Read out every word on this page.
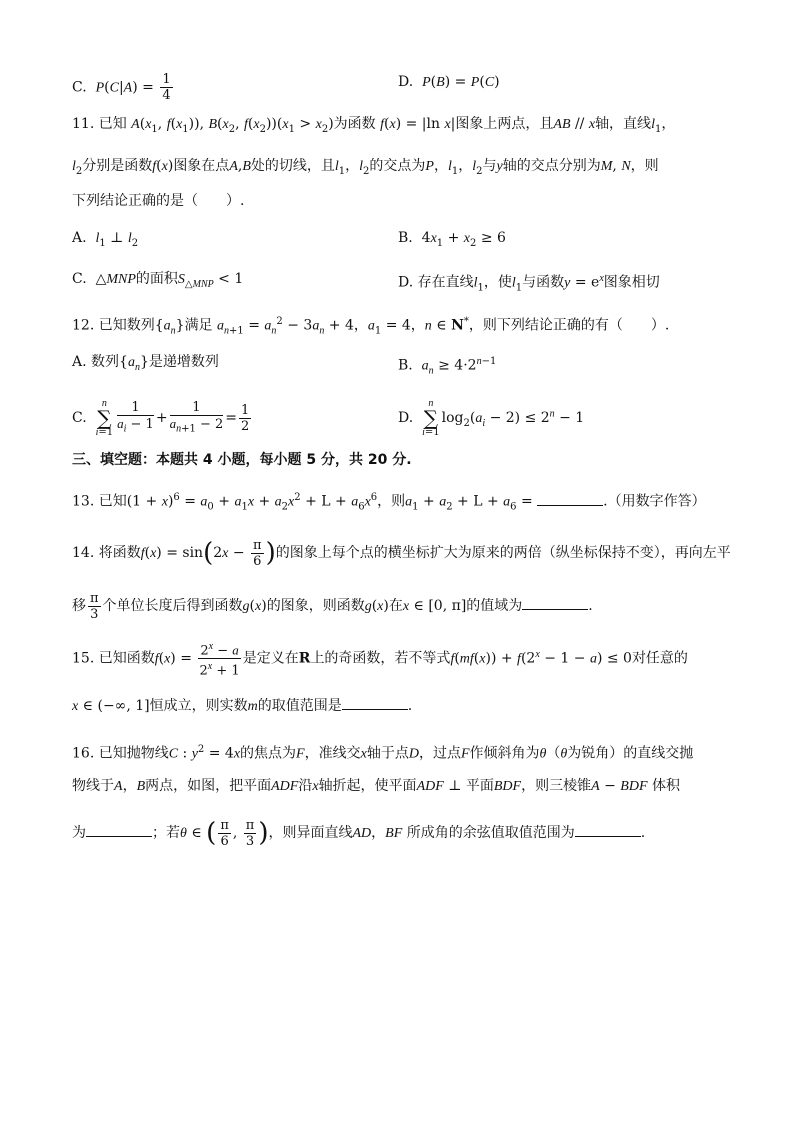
C. $P(C|A) = \frac{1}{4}$	D. P(B) = P(C)
11. 已知 $A(x_1$, $f(x_1)$), $B(x_2$, $f(x_2))(x_1 > x_2)$为函数 f(x) = |ln x|图象上两点，且AB // x轴，直线$l_1$，
$l_2$分别是函数f(x)图象在点A,B处的切线，且$l_1$，$l_2$的交点为P，$l_1$，$l_2$与y轴的交点分别为M, N，则
下列结论正确的是（　　）.
A. $l_1$ ⊥ $l_2$	B.  $4x_1 + x_2 \ge 6$
C.  △MNP的面积$S_{\triangle MNP} < 1$	D. 存在直线$l_1$，使$l_1$与函数$y = e^x$图象相切
12. 已知数列$\{a_n\}$满足 $a_{n+1} = a_n^2 - 3a_n + 4$，$a_1 = 4$，n ∈ N*，则下列结论正确的有（　　）.
A. 数列$\{a_n\}$是递增数列	B. $a_n \ge 4\cdot 2^{n-1}$
C.  n
∑
$i=1 \frac{1}{a_i - 1} + \frac{1}{a_{n+1} - 2} = \frac{1}{2}$	D.  n
∑
$i=1\log_2(a_i - 2) \le 2^n - 1$
三、填空题：本题共 4 小题，每小题 5 分，共 20 分.
13. 已知$(1 + x)^6 = a_0 + a_1x + a_2x^2 + L + a_6x^6$，则$a_1 + a_2 + L + a_6$ =	.（用数字作答）
14. 将函数$f(x) = \sin(2x - \frac{\pi}{6}$ )的图象上每个点的横坐标扩大为原来的两倍（纵坐标保持不变），再向左平
移 $\frac{\pi}{3}$ 个单位长度后得到函数g(x)的图象，则函数g(x)在x ∈ [0, π]的值域为	.
15. 已知函数$f(x) = \frac{2^x - a}{2^x + 1}$ 是定义在R上的奇函数，若不等式$f(mf(x)) + f(2^x - 1 - a) \le 0$对任意的
x ∈ (−∞, 1]恒成立，则实数m的取值范围是	.
16. 已知抛物线C : $y^2 = 4x$的焦点为F，准线交x轴于点D，过点F作倾斜角为θ（θ为锐角）的直线交抛
物线于A，B两点，如图，把平面ADF沿x轴折起，使平面ADF ⊥ 平面BDF，则三棱锥A − BDF 体积
为	；若θ ∈ ( $\frac{\pi}{6}$ , $\frac{\pi}{3}$ )，则异面直线AD，BF 所成角的余弦值取值范围为	.
